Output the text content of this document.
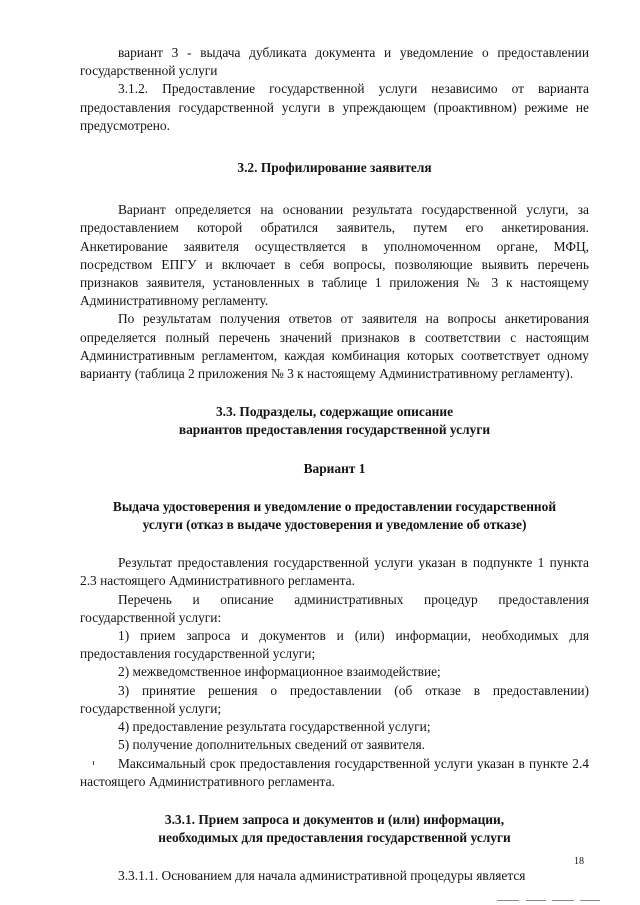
вариант 3 - выдача дубликата документа и уведомление о предоставлении государственной услуги

3.1.2. Предоставление государственной услуги независимо от варианта предоставления государственной услуги в упреждающем (проактивном) режиме не предусмотрено.

3.2. Профилирование заявителя

Вариант определяется на основании результата государственной услуги, за предоставлением которой обратился заявитель, путем его анкетирования. Анкетирование заявителя осуществляется в уполномоченном органе, МФЦ, посредством ЕПГУ и включает в себя вопросы, позволяющие выявить перечень признаков заявителя, установленных в таблице 1 приложения № 3 к настоящему Административному регламенту.

По результатам получения ответов от заявителя на вопросы анкетирования определяется полный перечень значений признаков в соответствии с настоящим Административным регламентом, каждая комбинация которых соответствует одному варианту (таблица 2 приложения № 3 к настоящему Административному регламенту).

3.3. Подразделы, содержащие описание
вариантов предоставления государственной услуги
Вариант 1
Выдача удостоверения и уведомление о предоставлении государственной
услуги (отказ в выдаче удостоверения и уведомление об отказе)

Результат предоставления государственной услуги указан в подпункте 1 пункта 2.3 настоящего Административного регламента.

Перечень и описание административных процедур предоставления государственной услуги:

1) прием запроса и документов и (или) информации, необходимых для предоставления государственной услуги;

2) межведомственное информационное взаимодействие;

3) принятие решения о предоставлении (об отказе в предоставлении) государственной услуги;

4) предоставление результата государственной услуги;

5) получение дополнительных сведений от заявителя.

Максимальный срок предоставления государственной услуги указан в пункте 2.4 настоящего Административного регламента.

3.3.1. Прием запроса и документов и (или) информации,
необходимых для предоставления государственной услуги

3.3.1.1. Основанием для начала административной процедуры является

18
